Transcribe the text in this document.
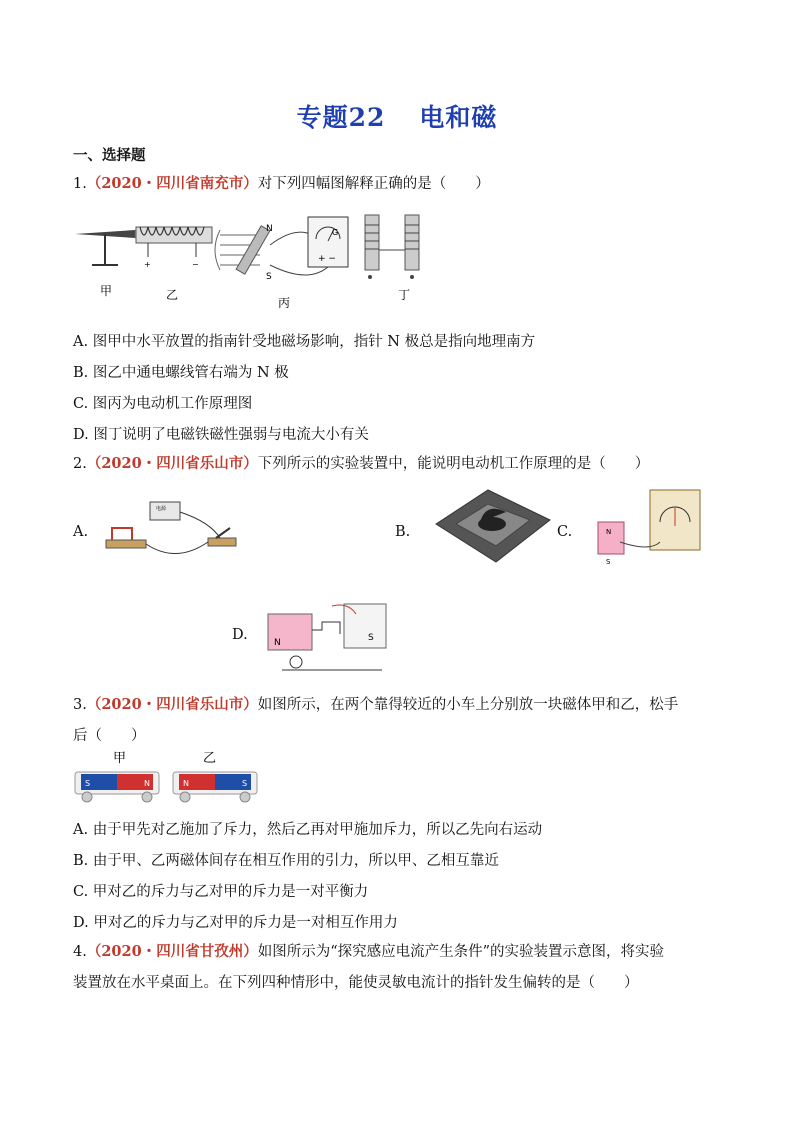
专题22 电和磁
一、选择题
1.（2020・四川省南充市）对下列四幅图解释正确的是（　　）
+	−
N
S
G
+ −
甲	乙
丙
丁
A. 图甲中水平放置的指南针受地磁场影响，指针 N 极总是指向地理南方
B. 图乙中通电螺线管右端为 N 极
C. 图丙为电动机工作原理图
D. 图丁说明了电磁铁磁性强弱与电流大小有关
2.（2020・四川省乐山市）下列所示的实验装置中，能说明电动机工作原理的是（　　）
A.
电源
B.	C.	N
S
D.	N	S
3.（2020・四川省乐山市）如图所示，在两个靠得较近的小车上分别放一块磁体甲和乙，松手
后（　　）
甲	乙
S	N	N	S
A. 由于甲先对乙施加了斥力，然后乙再对甲施加斥力，所以乙先向右运动
B. 由于甲、乙两磁体间存在相互作用的引力，所以甲、乙相互靠近
C. 甲对乙的斥力与乙对甲的斥力是一对平衡力
D. 甲对乙的斥力与乙对甲的斥力是一对相互作用力
4.（2020・四川省甘孜州）如图所示为“探究感应电流产生条件”的实验装置示意图，将实验
装置放在水平桌面上。在下列四种情形中，能使灵敏电流计的指针发生偏转的是（　　）
